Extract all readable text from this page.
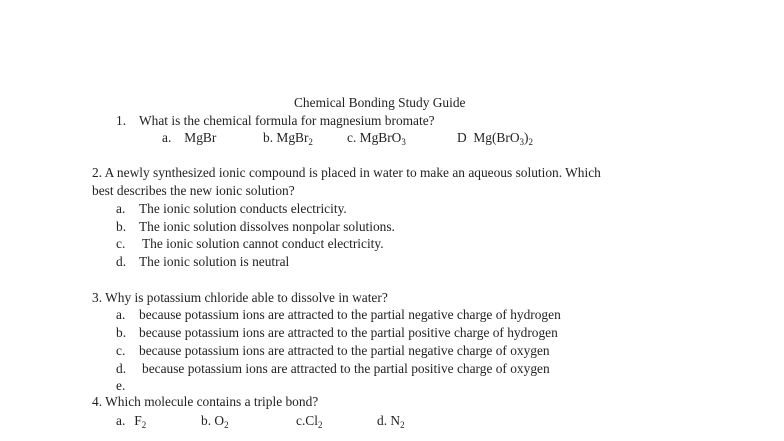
Chemical Bonding Study Guide
1. What is the chemical formula for magnesium bromate?
a. MgBr	b. MgBr$_2$	c. MgBrO$_3$	D $Mg(BrO_3)_2$
2. A newly synthesized ionic compound is placed in water to make an aqueous solution. Which
best describes the new ionic solution?
a. The ionic solution conducts electricity.
b. The ionic solution dissolves nonpolar solutions.
c. The ionic solution cannot conduct electricity.
d. The ionic solution is neutral
3. Why is potassium chloride able to dissolve in water?
a. because potassium ions are attracted to the partial negative charge of hydrogen
b. because potassium ions are attracted to the partial positive charge of hydrogen
c. because potassium ions are attracted to the partial negative charge of oxygen
d. because potassium ions are attracted to the partial positive charge of oxygen
e.
4. Which molecule contains a triple bond?
a. $F_2$	b. $O_2$	$c.Cl_2$	d. $N_2$
